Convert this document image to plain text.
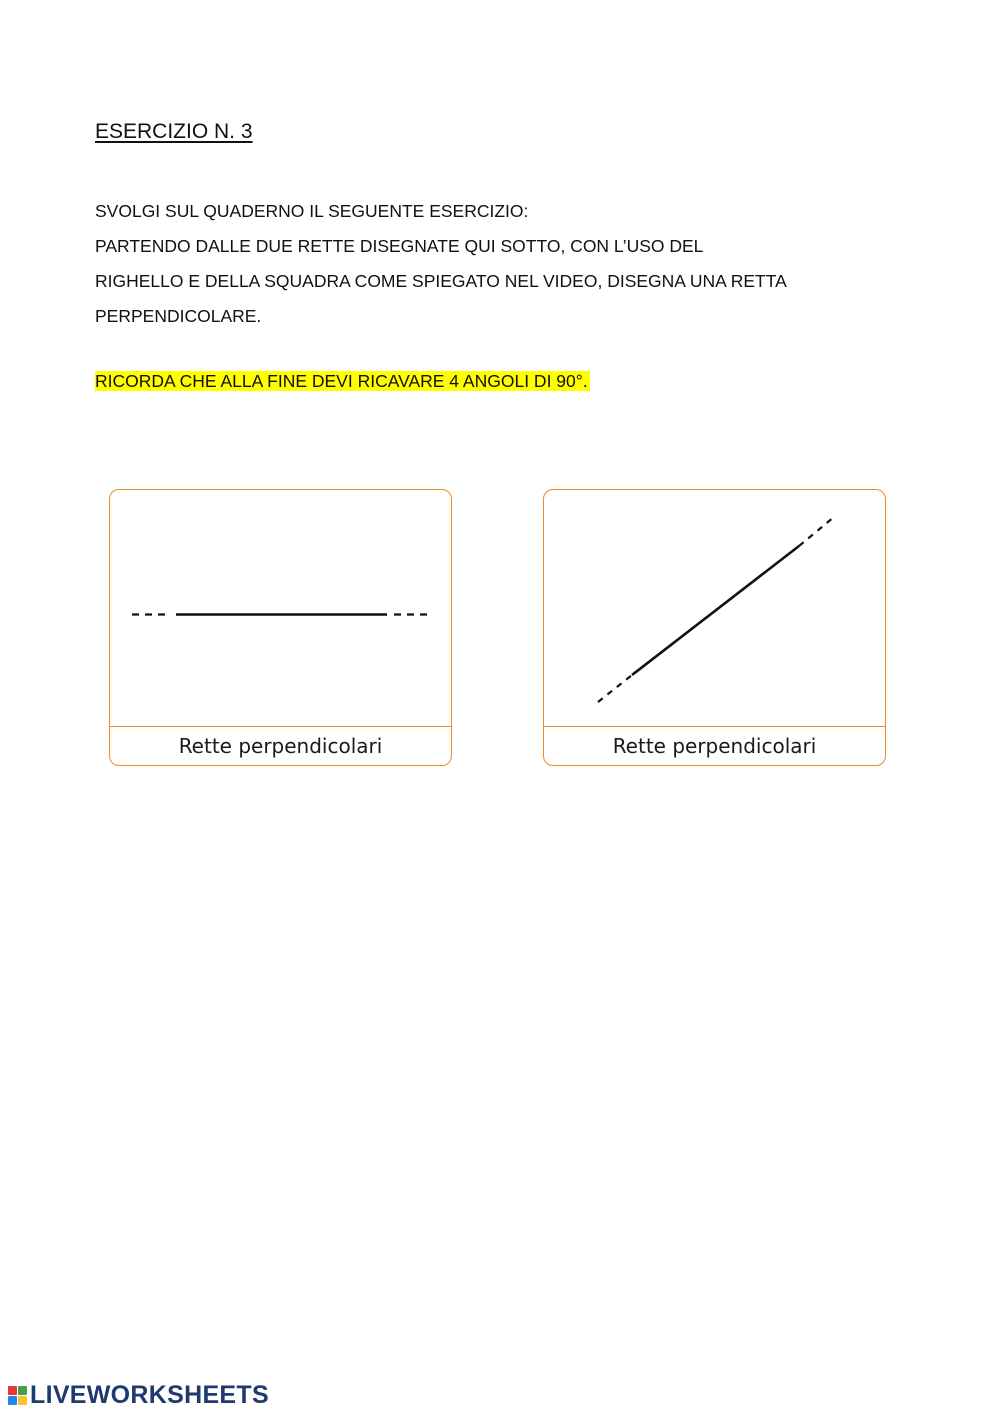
ESERCIZIO N. 3

SVOLGI SUL QUADERNO IL SEGUENTE ESERCIZIO:

PARTENDO DALLE DUE RETTE DISEGNATE QUI SOTTO, CON L’USO DEL

RIGHELLO E DELLA SQUADRA COME SPIEGATO NEL VIDEO, DISEGNA UNA RETTA

PERPENDICOLARE.

RICORDA CHE ALLA FINE DEVI RICAVARE 4 ANGOLI DI 90°.
Rette perpendicolari	Rette perpendicolari
LIVEWORKSHEETS
